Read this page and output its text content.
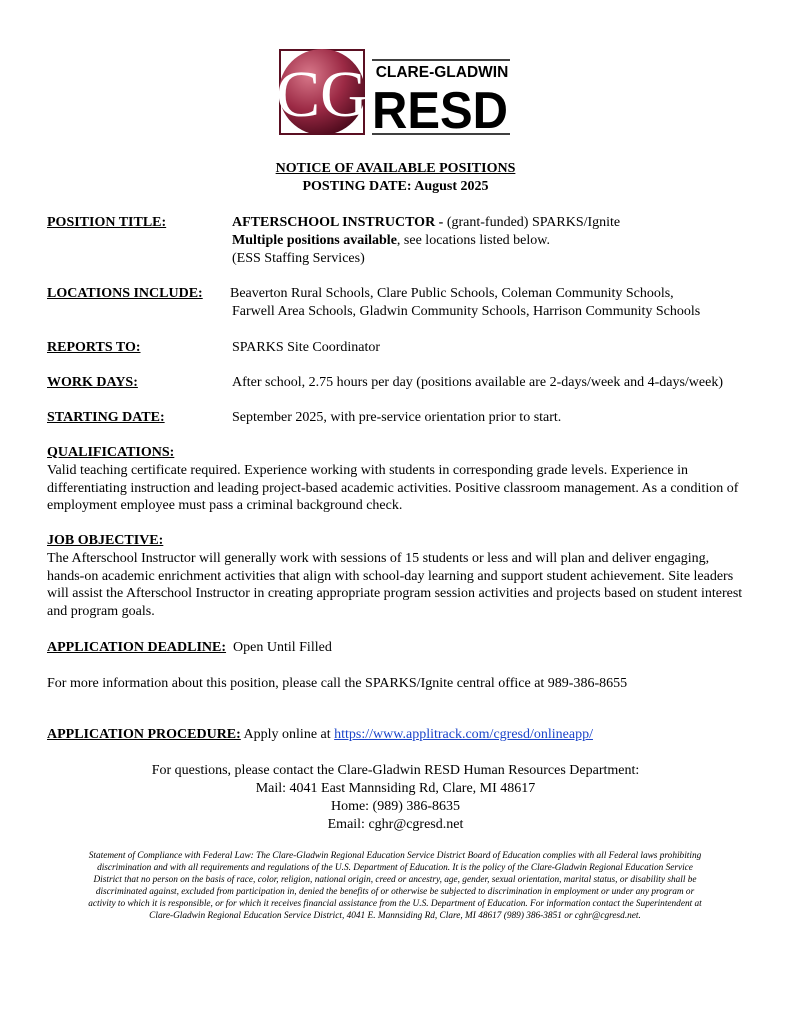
CG CLARE-GLADWIN
RESD
NOTICE OF AVAILABLE POSITIONS
POSTING DATE: August 2025
POSITION TITLE:	AFTERSCHOOL INSTRUCTOR - (grant-funded) SPARKS/Ignite
Multiple positions available, see locations listed below.
(ESS Staffing Services)
LOCATIONS INCLUDE: Beaverton Rural Schools, Clare Public Schools, Coleman Community Schools,
Farwell Area Schools, Gladwin Community Schools, Harrison Community Schools
REPORTS TO:	SPARKS Site Coordinator
WORK DAYS:	After school, 2.75 hours per day (positions available are 2-days/week and 4-days/week)
STARTING DATE:	September 2025, with pre-service orientation prior to start.
QUALIFICATIONS:
Valid teaching certificate required. Experience working with students in corresponding grade levels. Experience in differentiating instruction and leading project-based academic activities. Positive classroom management. As a condition of employment employee must pass a criminal background check.
JOB OBJECTIVE:
The Afterschool Instructor will generally work with sessions of 15 students or less and will plan and deliver engaging, hands-on academic enrichment activities that align with school-day learning and support student achievement. Site leaders will assist the Afterschool Instructor in creating appropriate program session activities and projects based on student interest and program goals.
APPLICATION DEADLINE: Open Until Filled
For more information about this position, please call the SPARKS/Ignite central office at 989-386-8655
APPLICATION PROCEDURE: Apply online at https://www.applitrack.com/cgresd/onlineapp/
For questions, please contact the Clare-Gladwin RESD Human Resources Department:
Mail: 4041 East Mannsiding Rd, Clare, MI 48617
Home: (989) 386-8635
Email: cghr@cgresd.net
Statement of Compliance with Federal Law: The Clare-Gladwin Regional Education Service District Board of Education complies with all Federal laws prohibiting
discrimination and with all requirements and regulations of the U.S. Department of Education. It is the policy of the Clare-Gladwin Regional Education Service
District that no person on the basis of race, color, religion, national origin, creed or ancestry, age, gender, sexual orientation, marital status, or disability shall be
discriminated against, excluded from participation in, denied the benefits of or otherwise be subjected to discrimination in employment or under any program or
activity to which it is responsible, or for which it receives financial assistance from the U.S. Department of Education. For information contact the Superintendent at
Clare-Gladwin Regional Education Service District, 4041 E. Mannsiding Rd, Clare, MI 48617 (989) 386-3851 or cghr@cgresd.net.
